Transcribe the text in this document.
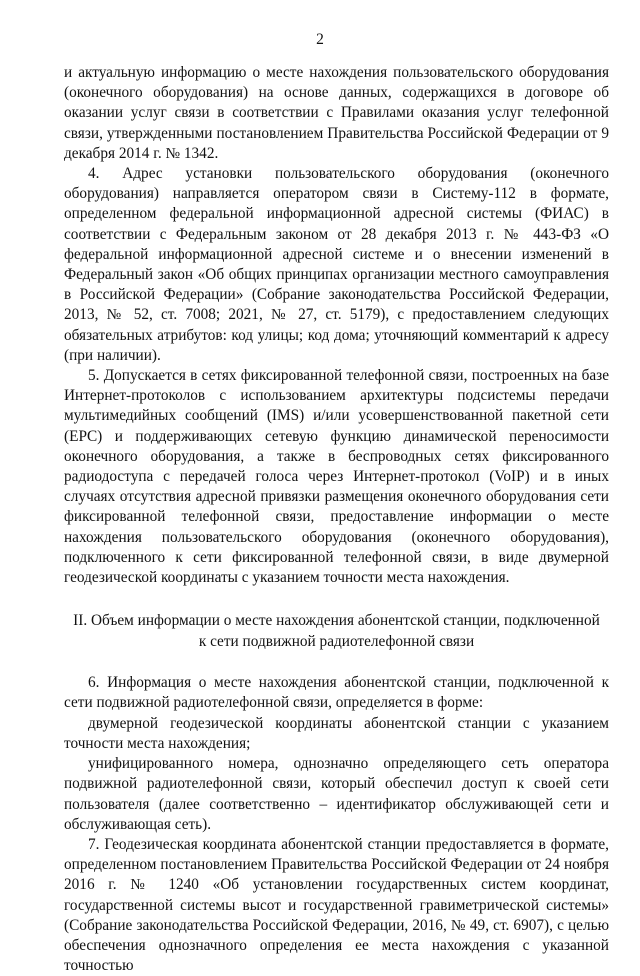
2

и актуальную информацию о месте нахождения пользовательского оборудования (оконечного оборудования) на основе данных, содержащихся в договоре об оказании услуг связи в соответствии с Правилами оказания услуг телефонной связи, утвержденными постановлением Правительства Российской Федерации от 9 декабря 2014 г. № 1342.

4. Адрес установки пользовательского оборудования (оконечного оборудования) направляется оператором связи в Систему-112 в формате, определенном федеральной информационной адресной системы (ФИАС) в соответствии с Федеральным законом от 28 декабря 2013 г. № 443-ФЗ «О федеральной информационной адресной системе и о внесении изменений в Федеральный закон «Об общих принципах организации местного самоуправления в Российской Федерации» (Собрание законодательства Российской Федерации, 2013, № 52, ст. 7008; 2021, № 27, ст. 5179), с предоставлением следующих обязательных атрибутов: код улицы; код дома; уточняющий комментарий к адресу (при наличии).

5. Допускается в сетях фиксированной телефонной связи, построенных на базе Интернет-протоколов с использованием архитектуры подсистемы передачи мультимедийных сообщений (IMS) и/или усовершенствованной пакетной сети (EPC) и поддерживающих сетевую функцию динамической переносимости оконечного оборудования, а также в беспроводных сетях фиксированного радиодоступа с передачей голоса через Интернет-протокол (VoIP) и в иных случаях отсутствия адресной привязки размещения оконечного оборудования сети фиксированной телефонной связи, предоставление информации о месте нахождения пользовательского оборудования (оконечного оборудования), подключенного к сети фиксированной телефонной связи, в виде двумерной геодезической координаты с указанием точности места нахождения.

II. Объем информации о месте нахождения абонентской станции, подключенной
к сети подвижной радиотелефонной связи

6. Информация о месте нахождения абонентской станции, подключенной к сети подвижной радиотелефонной связи, определяется в форме:

двумерной геодезической координаты абонентской станции с указанием точности места нахождения;

унифицированного номера, однозначно определяющего сеть оператора подвижной радиотелефонной связи, который обеспечил доступ к своей сети пользователя (далее соответственно – идентификатор обслуживающей сети и обслуживающая сеть).

7. Геодезическая координата абонентской станции предоставляется в формате, определенном постановлением Правительства Российской Федерации от 24 ноября 2016 г. № 1240 «Об установлении государственных систем координат, государственной системы высот и государственной гравиметрической системы» (Собрание законодательства Российской Федерации, 2016, № 49, ст. 6907), с целью обеспечения однозначного определения ее места нахождения с указанной точностью
